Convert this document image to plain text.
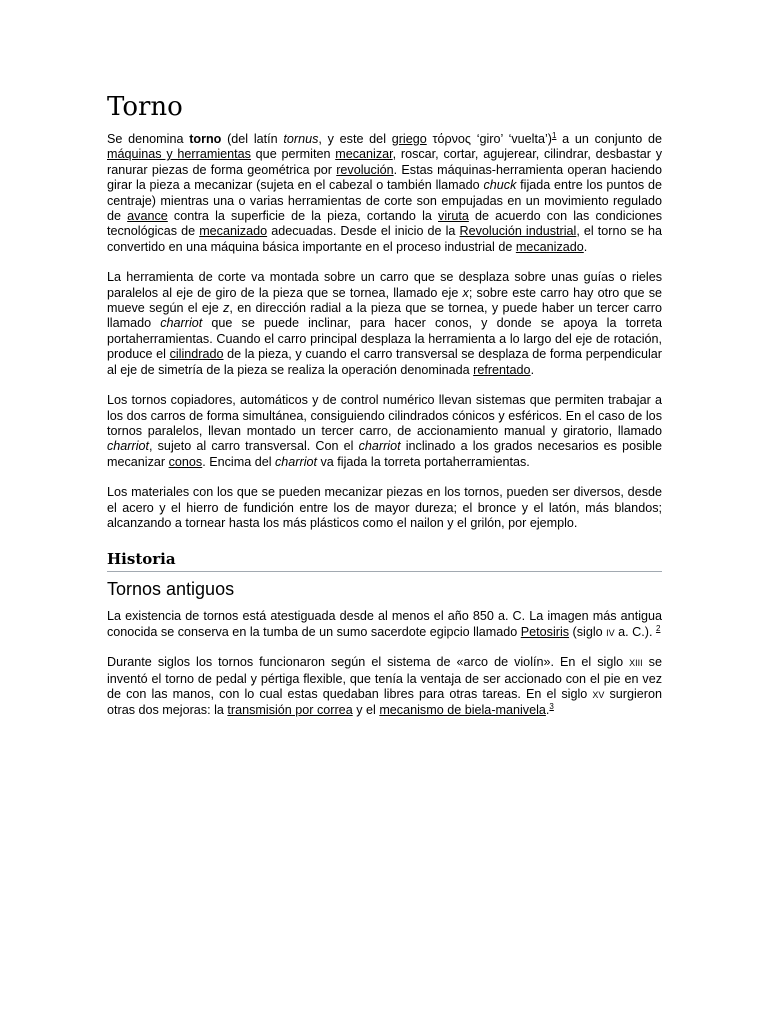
Torno

Se denomina torno (del latín tornus, y este del griego τόρνος ‘giro’ ‘vuelta’)$^1$ a un conjunto de máquinas y herramientas que permiten mecanizar, roscar, cortar, agujerear, cilindrar, desbastar y ranurar piezas de forma geométrica por revolución. Estas máquinas-herramienta operan haciendo girar la pieza a mecanizar (sujeta en el cabezal o también llamado chuck fijada entre los puntos de centraje) mientras una o varias herramientas de corte son empujadas en un movimiento regulado de avance contra la superficie de la pieza, cortando la viruta de acuerdo con las condiciones tecnológicas de mecanizado adecuadas. Desde el inicio de la Revolución industrial, el torno se ha convertido en una máquina básica importante en el proceso industrial de mecanizado.

La herramienta de corte va montada sobre un carro que se desplaza sobre unas guías o rieles paralelos al eje de giro de la pieza que se tornea, llamado eje x; sobre este carro hay otro que se mueve según el eje z, en dirección radial a la pieza que se tornea, y puede haber un tercer carro llamado charriot que se puede inclinar, para hacer conos, y donde se apoya la torreta portaherramientas. Cuando el carro principal desplaza la herramienta a lo largo del eje de rotación, produce el cilindrado de la pieza, y cuando el carro transversal se desplaza de forma perpendicular al eje de simetría de la pieza se realiza la operación denominada refrentado.

Los tornos copiadores, automáticos y de control numérico llevan sistemas que permiten trabajar a los dos carros de forma simultánea, consiguiendo cilindrados cónicos y esféricos. En el caso de los tornos paralelos, llevan montado un tercer carro, de accionamiento manual y giratorio, llamado charriot, sujeto al carro transversal. Con el charriot inclinado a los grados necesarios es posible mecanizar conos. Encima del charriot va fijada la torreta portaherramientas.

Los materiales con los que se pueden mecanizar piezas en los tornos, pueden ser diversos, desde el acero y el hierro de fundición entre los de mayor dureza; el bronce y el latón, más blandos; alcanzando a tornear hasta los más plásticos como el nailon y el grilón, por ejemplo.

Historia
Tornos antiguos

La existencia de tornos está atestiguada desde al menos el año 850 a. C. La imagen más antigua conocida se conserva en la tumba de un sumo sacerdote egipcio llamado Petosiris (siglo IV a. C.). $^2$

Durante siglos los tornos funcionaron según el sistema de «arco de violín». En el siglo XIII se inventó el torno de pedal y pértiga flexible, que tenía la ventaja de ser accionado con el pie en vez de con las manos, con lo cual estas quedaban libres para otras tareas. En el siglo XV surgieron otras dos mejoras: la transmisión por correa y el mecanismo de biela-manivela.$^3$
